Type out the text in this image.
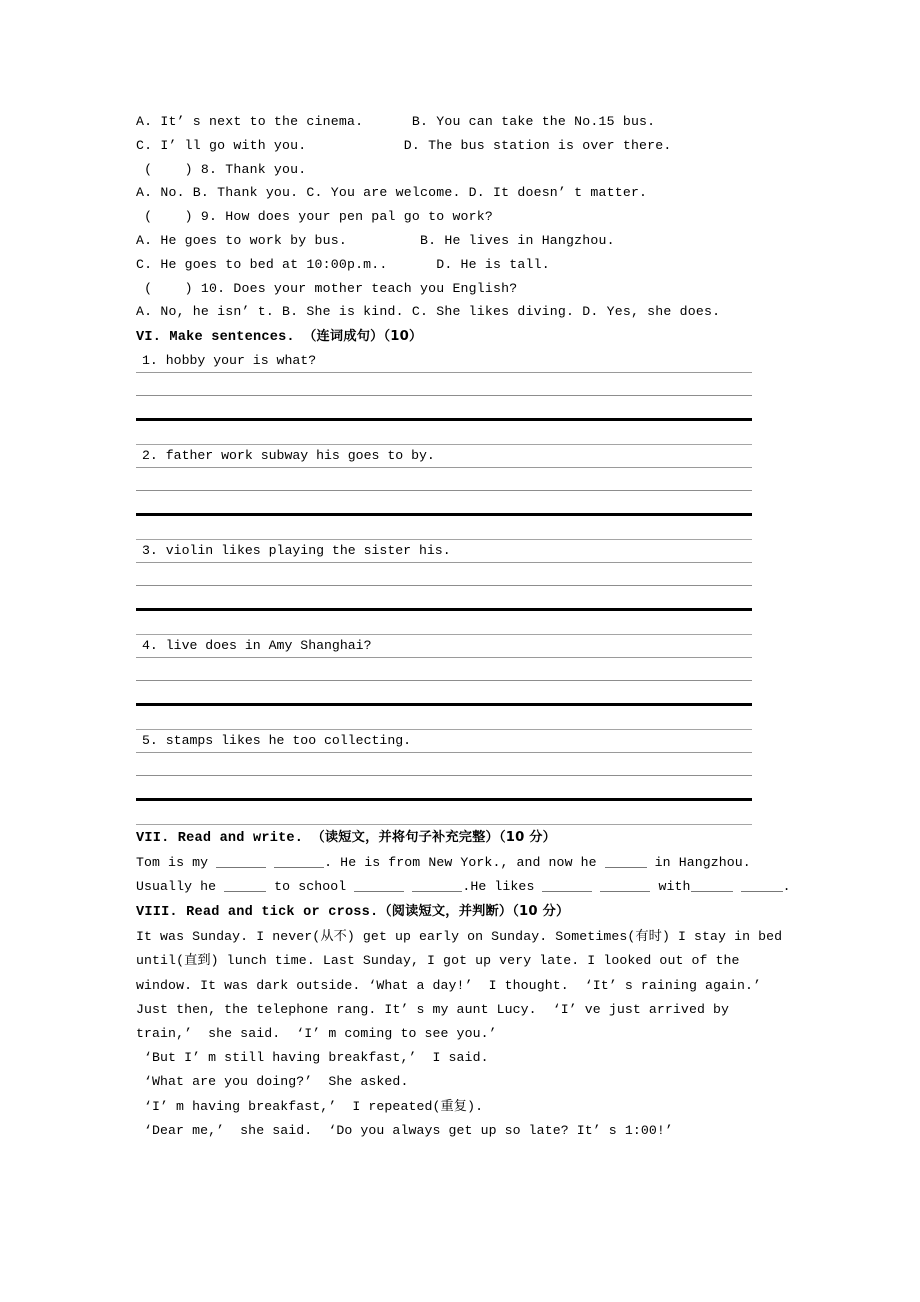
A. It’ s next to the cinema.      B. You can take the No.15 bus.
C. I’ ll go with you.            D. The bus station is over there.
(    ) 8. Thank you.
A. No. B. Thank you. C. You are welcome. D. It doesn’ t matter.
(    ) 9. How does your pen pal go to work?
A. He goes to work by bus.         B. He lives in Hangzhou.
C. He goes to bed at 10:00p.m..      D. He is tall.
(    ) 10. Does your mother teach you English?
A. No, he isn’ t. B. She is kind. C. She likes diving. D. Yes, she does.
VI. Make sentences. （连词成句）（10）
1. hobby your is what?
2. father work subway his goes to by.
3. violin likes playing the sister his.
4. live does in Amy Shanghai?
5. stamps likes he too collecting.
VII. Read and write. （读短文，并将句子补充完整）（10 分）
Tom is my	. He is from New York., and now he	in Hangzhou. Usually he	to school	.He likes	with	.
VIII. Read and tick or cross.（阅读短文，并判断）（10 分）
It was Sunday. I never(从不) get up early on Sunday. Sometimes(有时) I stay in bed
until(直到) lunch time. Last Sunday, I got up very late. I looked out of the
window. It was dark outside. ‘What a day!’  I thought.  ‘It’ s raining again.’
Just then, the telephone rang. It’ s my aunt Lucy.  ‘I’ ve just arrived by
train,’  she said.  ‘I’ m coming to see you.’
‘But I’ m still having breakfast,’  I said.
‘What are you doing?’  She asked.
‘I’ m having breakfast,’  I repeated(重复).
‘Dear me,’  she said.  ‘Do you always get up so late? It’ s 1:00!’
